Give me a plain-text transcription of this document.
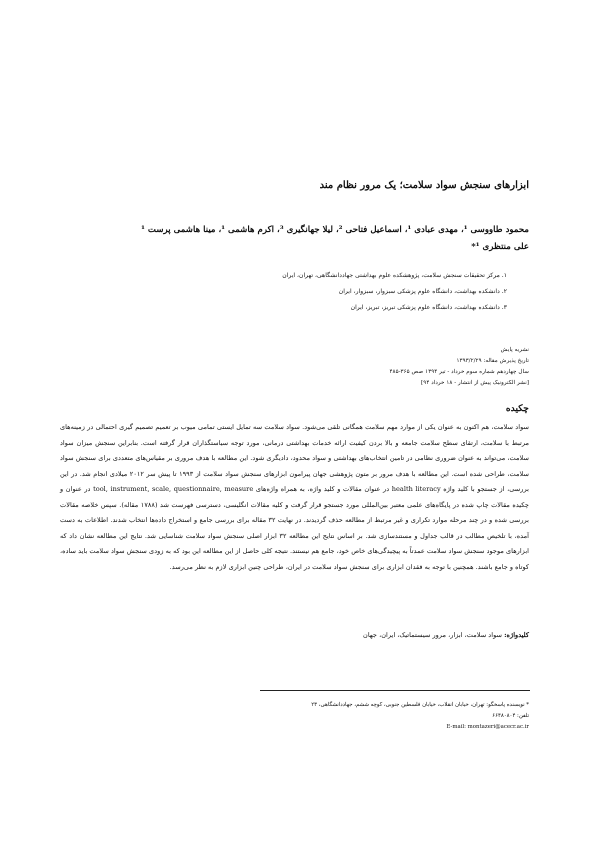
ابزارهای سنجش سواد سلامت؛ یک مرور نظام مند
محمود طاووسی ¹، مهدی عبادی ¹، اسماعیل فتاحی ²، لیلا جهانگیری ³، اکرم هاشمی ¹، مینا هاشمی پرست ¹
علی منتظری ¹*
۱. مرکز تحقیقات سنجش سلامت، پژوهشکده علوم بهداشتی جهاددانشگاهی، تهران، ایران
۲. دانشکده بهداشت، دانشگاه علوم پزشکی سبزوار، سبزوار، ایران
۳. دانشکده بهداشت، دانشگاه علوم پزشکی تبریز، تبریز، ایران
نشریه پایش
تاریخ پذیرش مقاله: ۱۳۹۳/۲/۲۹
سال چهاردهم شماره سوم خرداد - تیر ۱۳۹۴ صص ۳۶۵-۴۸۵
[نشر الکترونیک پیش از انتشار - ۱۸ خرداد ۹۴]
چکیده
سواد سلامت، هم اکنون به عنوان یکی از موارد مهم سلامت همگانی تلقی می‌شود. سواد سلامت سه تمایل ایستی تمامی میوب بر تعمیم تصمیم گیری احتمالی در زمینه‌های مرتبط با سلامت، ارتقای سطح سلامت جامعه و بالا بردن کیفیت ارائه خدمات بهداشتی درمانی، مورد توجه سیاستگذاران قرار گرفته است. بنابراین سنجش میزان سواد سلامت، می‌تواند به عنوان ضروری نظامی در تامین انتخاب‌های بهداشتی و سواد محدود، دادیگری شود. این مطالعه با هدف مروری بر مقیاس‌های متعددی برای سنجش سواد سلامت، طراحی شده است. این مطالعه با هدف مرور بر متون پژوهشی جهان پیرامون ابزارهای سنجش سواد سلامت از ۱۹۹۳ تا پیش سر ۲۰۱۲ میلادی انجام شد. در این بررسی، از جستجو با کلید واژه health literacy در عنوان مقالات و کلید واژه، به همراه واژه‌های tool, instrument, scale, questionnaire, measure در عنوان و چکیده مقالات چاپ شده در پایگاه‌های علمی معتبر بین‌المللی مورد جستجو قرار گرفت و کلیه مقالات انگلیسی، دسترسی فهرست شد (۱۷۸۸ مقاله). سپس خلاصه مقالات بررسی شده و در چند مرحله موارد تکراری و غیر مرتبط از مطالعه حذف گردیدند. در نهایت ۳۲ مقاله برای بررسی جامع و استخراج داده‌ها انتخاب شدند. اطلاعات به دست آمده، با تلخیص مطالب در قالب جداول و مستندسازی شد. بر اساس نتایج این مطالعه ۳۲ ابزار اصلی سنجش سواد سلامت شناسایی شد. نتایج این مطالعه نشان داد که ابزارهای موجود سنجش سواد سلامت عمدتاً به پیچیدگی‌های خاص خود، جامع هم نیستند. نتیجه کلی حاصل از این مطالعه این بود که به زودی سنجش سواد سلامت باید ساده، کوتاه و جامع باشند. همچنین با توجه به فقدان ابزاری برای سنجش سواد سلامت در ایران، طراحی چنین ابزاری لازم به نظر می‌رسد.
کلیدواژه: سواد سلامت، ابزار، مرور سیستماتیک، ایران، جهان
* نویسنده پاسخگو: تهران، خیابان انقلاب، خیابان فلسطین جنوبی، کوچه ششم، جهاددانشگاهی، ۲۳
تلفن: ۶۶۴۸۰۸۰۴
E-mail: montazeri@acecr.ac.ir
